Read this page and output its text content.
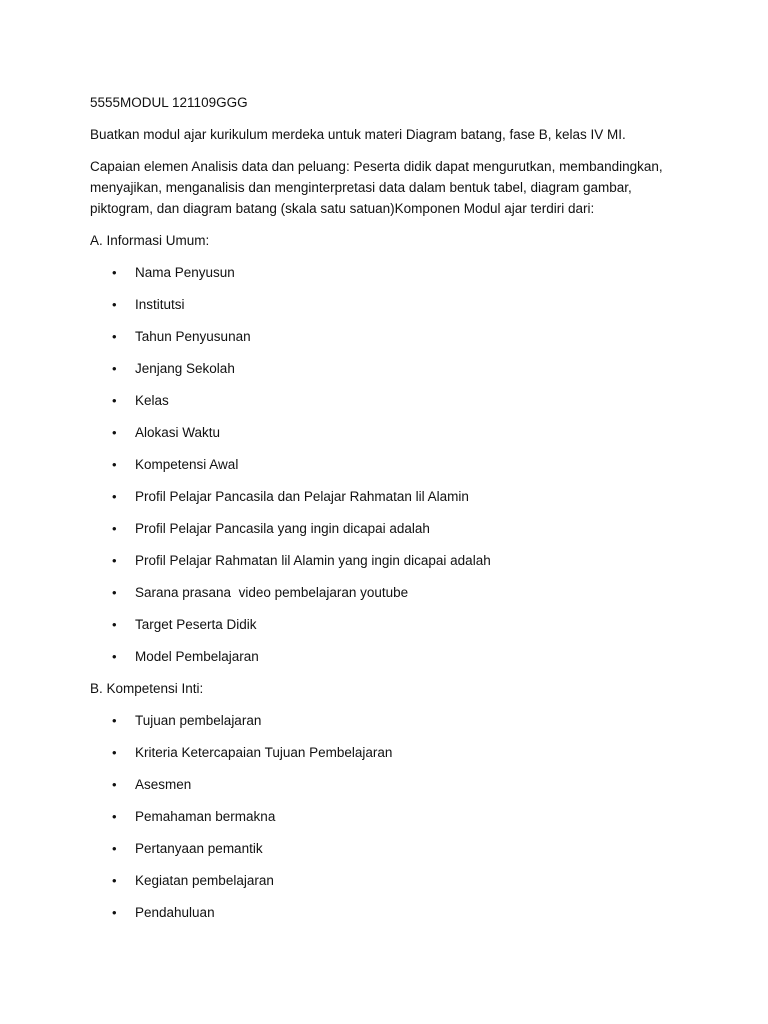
5555MODUL 121109GGG

Buatkan modul ajar kurikulum merdeka untuk materi Diagram batang, fase B, kelas IV MI.

Capaian elemen Analisis data dan peluang: Peserta didik dapat mengurutkan, membandingkan, menyajikan, menganalisis dan menginterpretasi data dalam bentuk tabel, diagram gambar, piktogram, dan diagram batang (skala satu satuan)Komponen Modul ajar terdiri dari:

A. Informasi Umum:

• Nama Penyusun
• Institutsi
• Tahun Penyusunan
• Jenjang Sekolah
• Kelas
• Alokasi Waktu
• Kompetensi Awal
• Profil Pelajar Pancasila dan Pelajar Rahmatan lil Alamin
• Profil Pelajar Pancasila yang ingin dicapai adalah
• Profil Pelajar Rahmatan lil Alamin yang ingin dicapai adalah
• Sarana prasana  video pembelajaran youtube
• Target Peserta Didik
• Model Pembelajaran

B. Kompetensi Inti:

• Tujuan pembelajaran
• Kriteria Ketercapaian Tujuan Pembelajaran
• Asesmen
• Pemahaman bermakna
• Pertanyaan pemantik
• Kegiatan pembelajaran
• Pendahuluan
